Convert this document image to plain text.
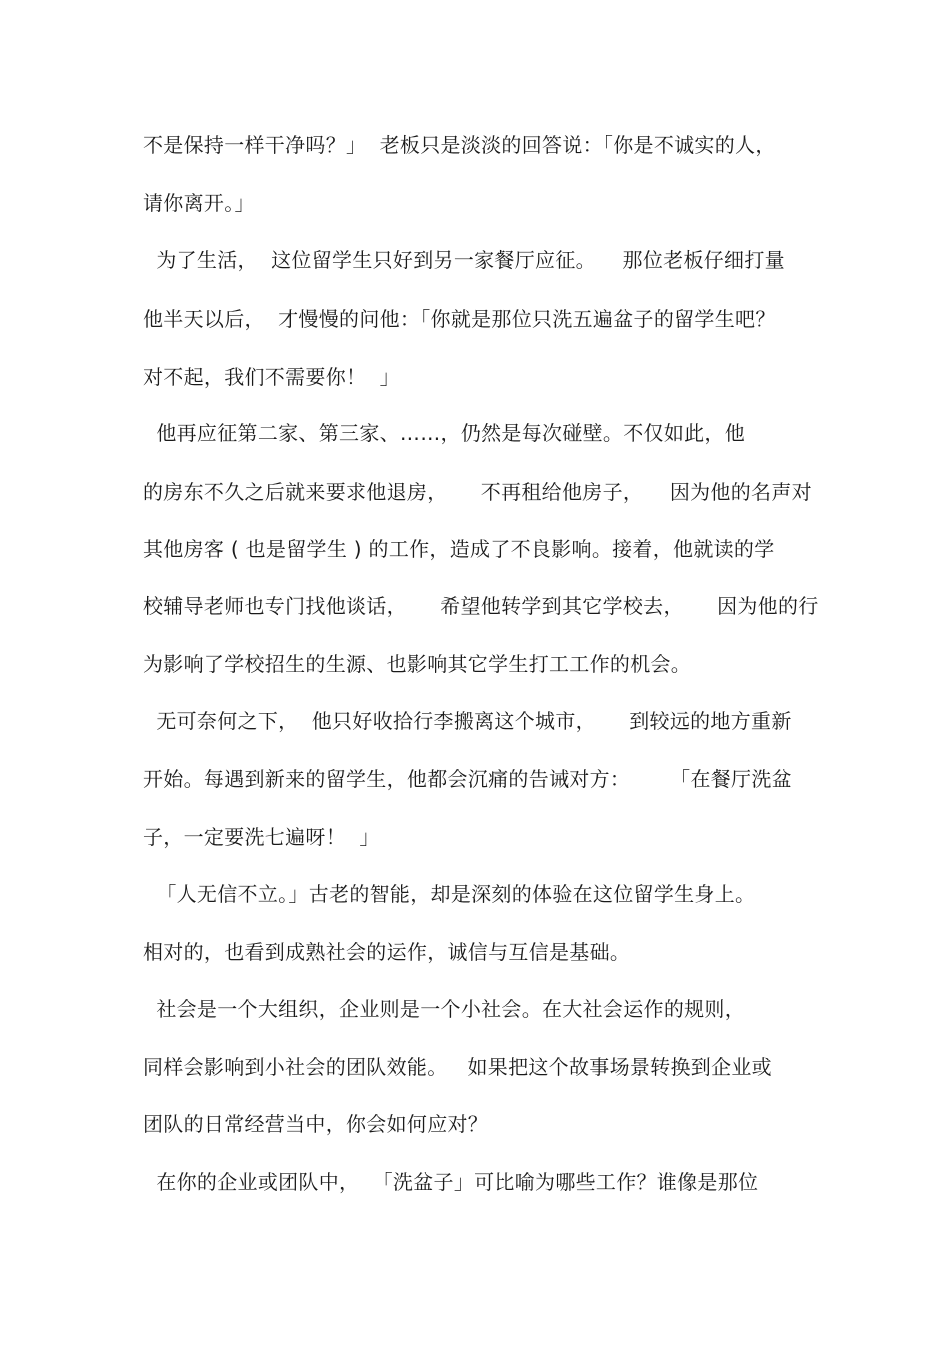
不是保持一样干净吗？」  老板只是淡淡的回答说：「你是不诚实的人，
请你离开。」
为了生活，  这位留学生只好到另一家餐厅应征。    那位老板仔细打量
他半天以后，  才慢慢的问他：「你就是那位只洗五遍盆子的留学生吧？
对不起，我们不需要你！  」
他再应征第二家、第三家、……，仍然是每次碰壁。不仅如此，他
的房东不久之后就来要求他退房，     不再租给他房子，    因为他的名声对
其他房客 ( 也是留学生 ) 的工作，造成了不良影响。接着，他就读的学
校辅导老师也专门找他谈话，     希望他转学到其它学校去，     因为他的行
为影响了学校招生的生源、也影响其它学生打工工作的机会。
无可奈何之下，  他只好收拾行李搬离这个城市，     到较远的地方重新
开始。每遇到新来的留学生，他都会沉痛的告诫对方：      「在餐厅洗盆
子，一定要洗七遍呀！  」
「人无信不立。」古老的智能，却是深刻的体验在这位留学生身上。
相对的，也看到成熟社会的运作，诚信与互信是基础。
社会是一个大组织，企业则是一个小社会。在大社会运作的规则，
同样会影响到小社会的团队效能。   如果把这个故事场景转换到企业或
团队的日常经营当中，你会如何应对？
在你的企业或团队中，  「洗盆子」可比喻为哪些工作？谁像是那位
